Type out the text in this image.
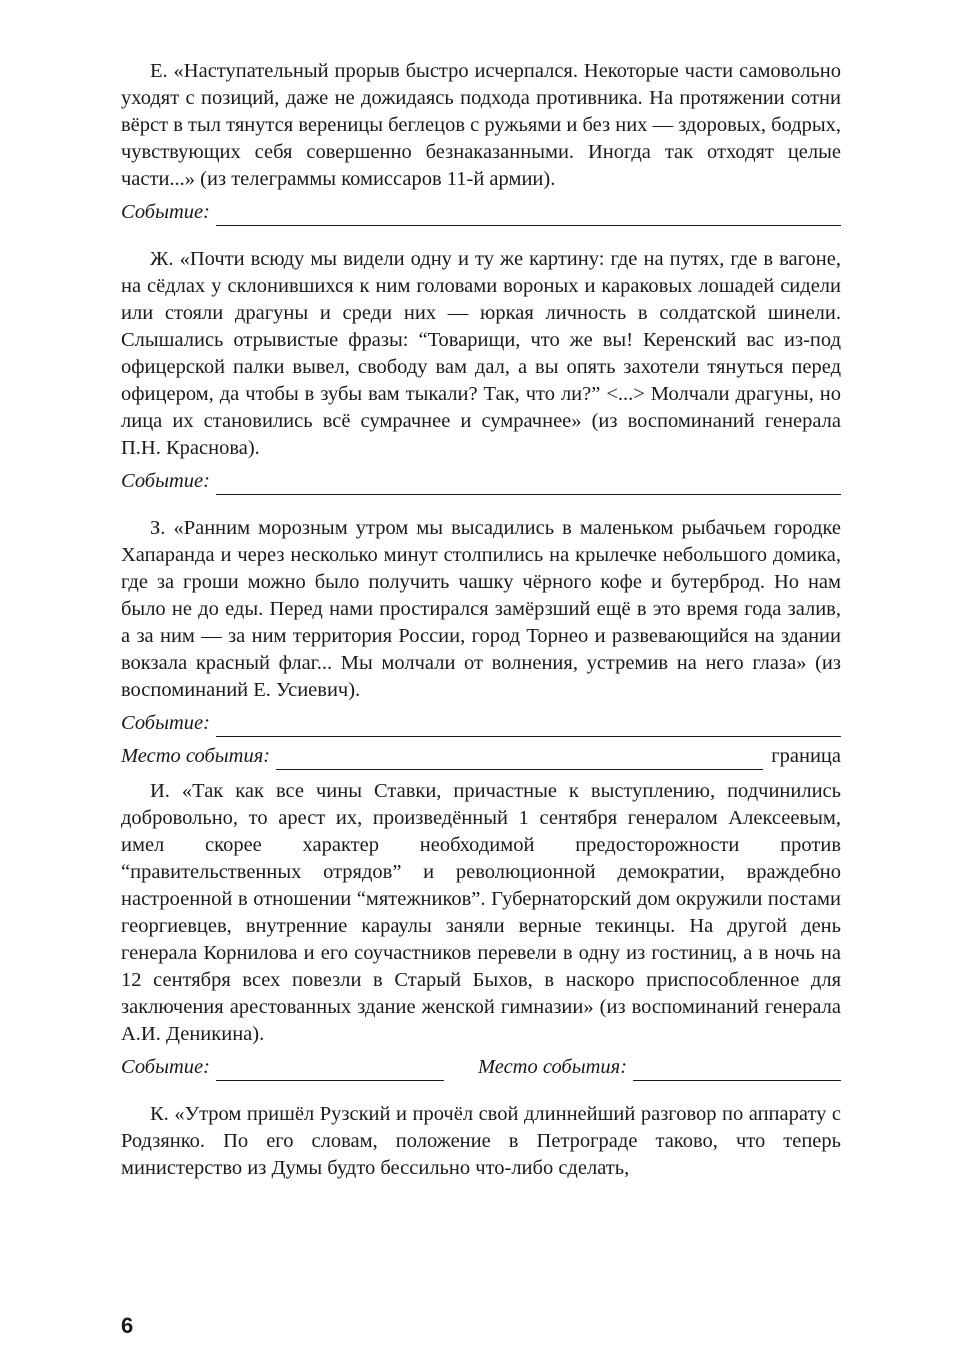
Е. «Наступательный прорыв быстро исчерпался. Некоторые части самовольно уходят с позиций, даже не дожидаясь подхода противника. На протяжении сотни вёрст в тыл тянутся вереницы беглецов с ружьями и без них — здоровых, бодрых, чувствующих себя совершенно безнаказанными. Иногда так отходят целые части...» (из телеграммы комиссаров 11-й армии).

Событие:

Ж. «Почти всюду мы видели одну и ту же картину: где на путях, где в вагоне, на сёдлах у склонившихся к ним головами вороных и караковых лошадей сидели или стояли драгуны и среди них — юркая личность в солдатской шинели. Слышались отрывистые фразы: “Товарищи, что же вы! Керенский вас из-под офицерской палки вывел, свободу вам дал, а вы опять захотели тянуться перед офицером, да чтобы в зубы вам тыкали? Так, что ли?” <...> Молчали драгуны, но лица их становились всё сумрачнее и сумрачнее» (из воспоминаний генерала П.Н. Краснова).

Событие:

З. «Ранним морозным утром мы высадились в маленьком рыбачьем городке Хапаранда и через несколько минут столпились на крылечке небольшого домика, где за гроши можно было получить чашку чёрного кофе и бутерброд. Но нам было не до еды. Перед нами простирался замёрзший ещё в это время года залив, а за ним — за ним территория России, город Торнео и развевающийся на здании вокзала красный флаг... Мы молчали от волнения, устремив на него глаза» (из воспоминаний Е. Усиевич).

Событие:
Место события:	граница

И. «Так как все чины Ставки, причастные к выступлению, подчинились добровольно, то арест их, произведённый 1 сентября генералом Алексеевым, имел скорее характер необходимой предосторожности против “правительственных отрядов” и революционной демократии, враждебно настроенной в отношении “мятежников”. Губернаторский дом окружили постами георгиевцев, внутренние караулы заняли верные текинцы. На другой день генерала Корнилова и его соучастников перевели в одну из гостиниц, а в ночь на 12 сентября всех повезли в Старый Быхов, в наскоро приспособленное для заключения арестованных здание женской гимназии» (из воспоминаний генерала А.И. Деникина).

Событие:	Место события:

К. «Утром пришёл Рузский и прочёл свой длиннейший разговор по аппарату с Родзянко. По его словам, положение в Петрограде таково, что теперь министерство из Думы будто бессильно что-либо сделать,

6
